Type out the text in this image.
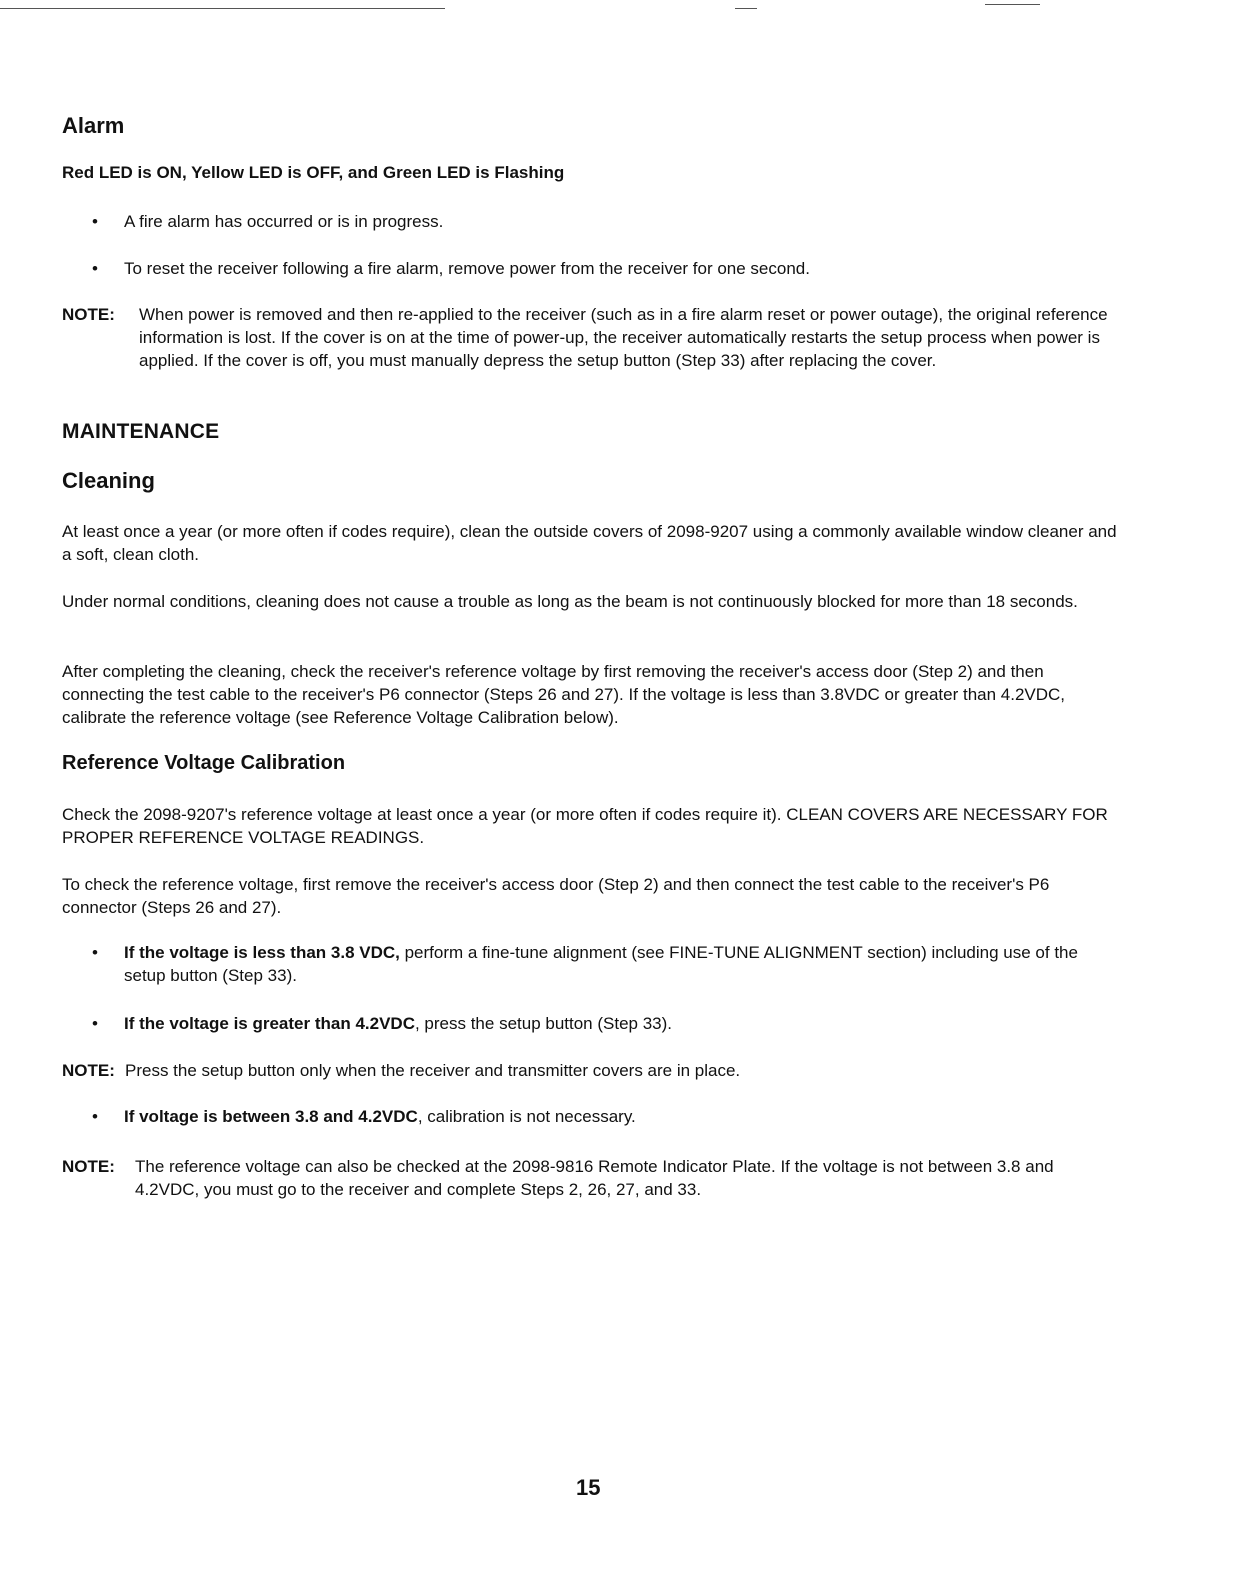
Alarm
Red LED is ON, Yellow LED is OFF, and Green LED is Flashing
•	A fire alarm has occurred or is in progress.
•	To reset the receiver following a fire alarm, remove power from the receiver for one second.
NOTE:	When power is removed and then re-applied to the receiver (such as in a fire alarm reset or power outage), the original reference information is lost. If the cover is on at the time of power-up, the receiver automatically restarts the setup process when power is applied. If the cover is off, you must manually depress the setup button (Step 33) after replacing the cover.
MAINTENANCE
Cleaning
At least once a year (or more often if codes require), clean the outside covers of 2098-9207 using a commonly available window cleaner and a soft, clean cloth.
Under normal conditions, cleaning does not cause a trouble as long as the beam is not continuously blocked for more than 18 seconds.
After completing the cleaning, check the receiver's reference voltage by first removing the receiver's access door (Step 2) and then connecting the test cable to the receiver's P6 connector (Steps 26 and 27). If the voltage is less than 3.8VDC or greater than 4.2VDC, calibrate the reference voltage (see Reference Voltage Calibration below).
Reference Voltage Calibration
Check the 2098-9207's reference voltage at least once a year (or more often if codes require it). CLEAN COVERS ARE NECESSARY FOR PROPER REFERENCE VOLTAGE READINGS.
To check the reference voltage, first remove the receiver's access door (Step 2) and then connect the test cable to the receiver's P6 connector (Steps 26 and 27).
•	If the voltage is less than 3.8 VDC, perform a fine-tune alignment (see FINE-TUNE ALIGNMENT section) including use of the setup button (Step 33).
•	If the voltage is greater than 4.2VDC, press the setup button (Step 33).
NOTE: Press the setup button only when the receiver and transmitter covers are in place.
•	If voltage is between 3.8 and 4.2VDC, calibration is not necessary.
NOTE:	The reference voltage can also be checked at the 2098-9816 Remote Indicator Plate. If the voltage is not between 3.8 and 4.2VDC, you must go to the receiver and complete Steps 2, 26, 27, and 33.
15
